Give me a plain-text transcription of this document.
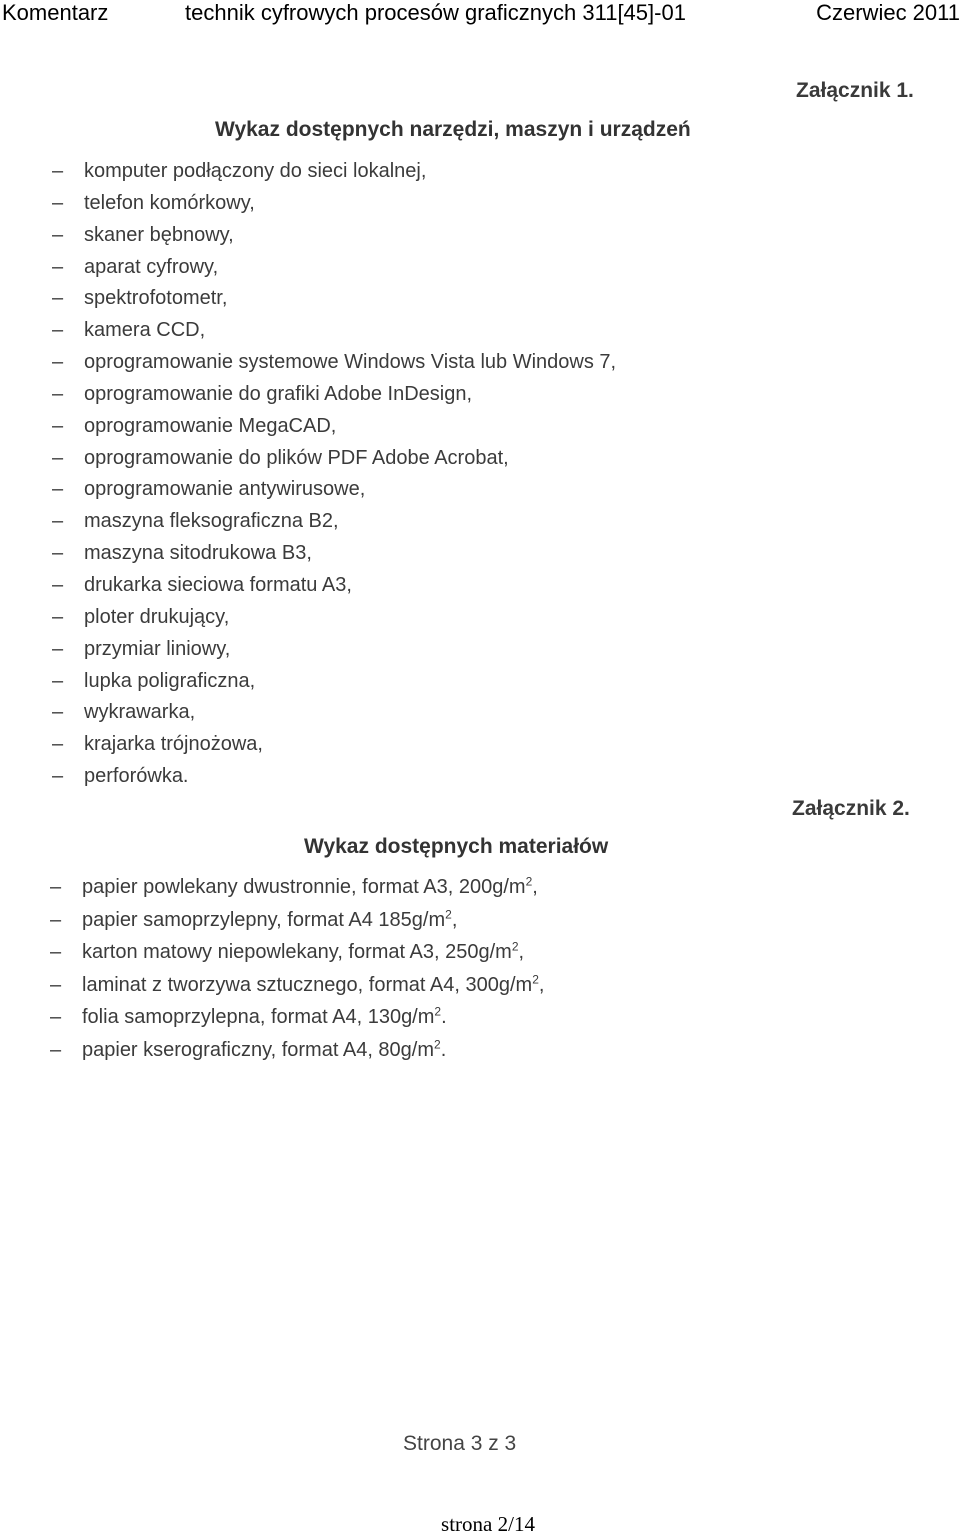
Komentarz	technik cyfrowych procesów graficznych 311[45]-01	Czerwiec 2011
Załącznik 1.
Wykaz dostępnych narzędzi, maszyn i urządzeń
– komputer podłączony do sieci lokalnej,
– telefon komórkowy,
– skaner bębnowy,
– aparat cyfrowy,
– spektrofotometr,
– kamera CCD,
– oprogramowanie systemowe Windows Vista lub Windows 7,
– oprogramowanie do grafiki Adobe InDesign,
– oprogramowanie MegaCAD,
– oprogramowanie do plików PDF Adobe Acrobat,
– oprogramowanie antywirusowe,
– maszyna fleksograficzna B2,
– maszyna sitodrukowa B3,
– drukarka sieciowa formatu A3,
– ploter drukujący,
– przymiar liniowy,
– lupka poligraficzna,
– wykrawarka,
– krajarka trójnożowa,
– perforówka.
Załącznik 2.
Wykaz dostępnych materiałów
– papier powlekany dwustronnie, format A3, $200g/m^2$,
– papier samoprzylepny, format A4 $185g/m^2$,
– karton matowy niepowlekany, format A3, $250g/m^2$,
– laminat z tworzywa sztucznego, format A4, $300g/m^2$,
– folia samoprzylepna, format A4, $130g/m^2$.
– papier kserograficzny, format A4, $80g/m^2$.
Strona 3 z 3
strona 2/14
